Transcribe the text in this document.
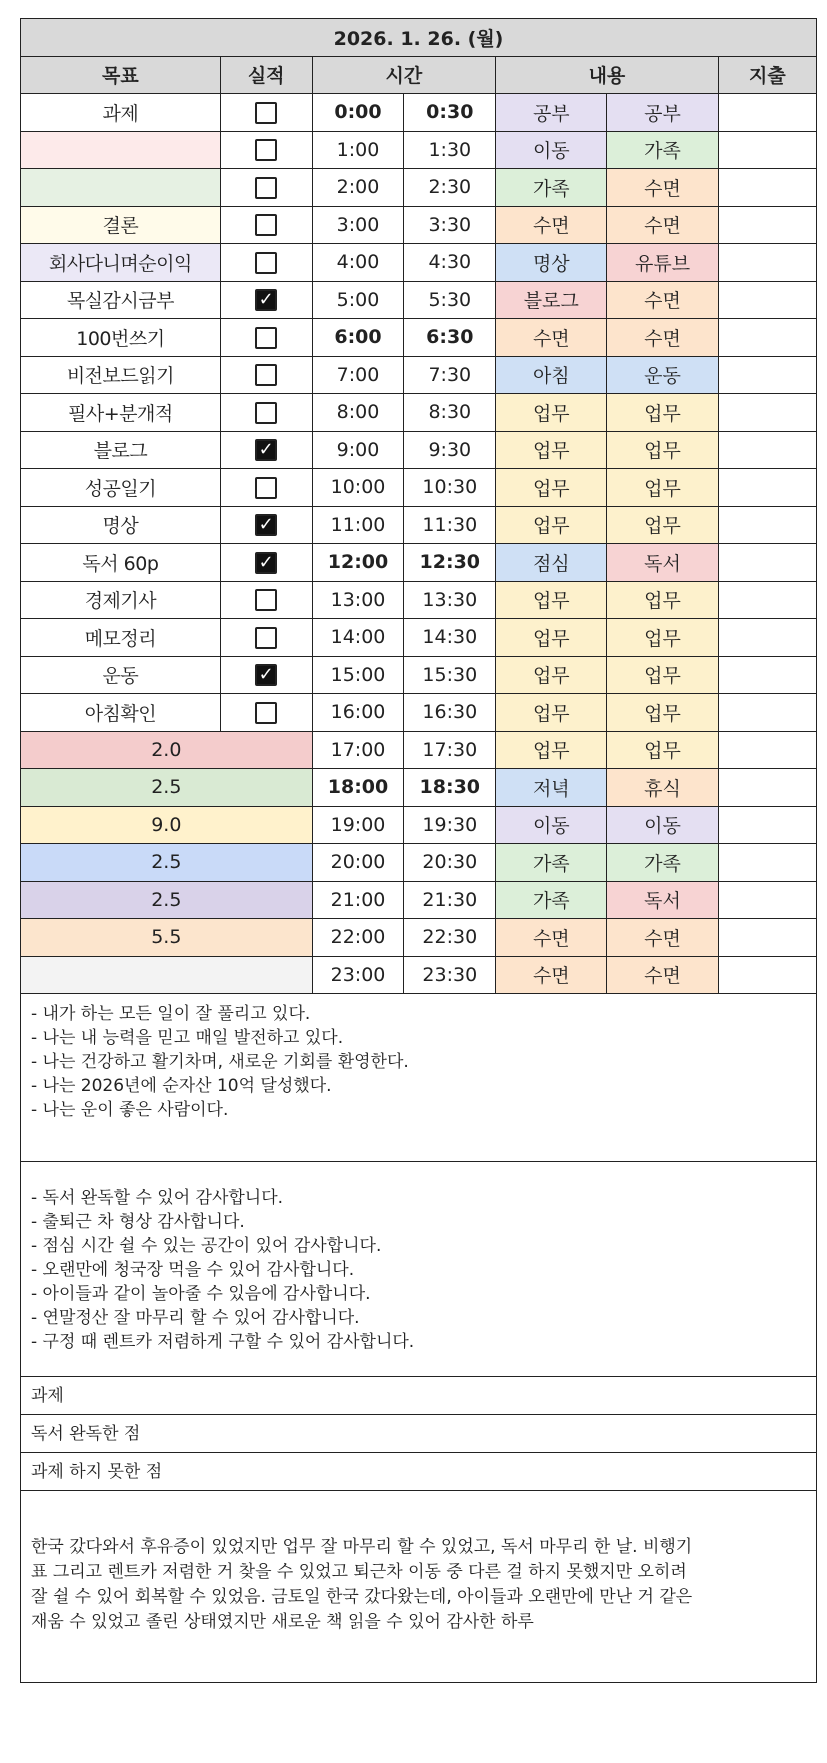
2026. 1. 26. (월)						
목표	실적	시간		내용		지출
과제		0:00	0:30	공부	공부	
		1:00	1:30	이동	가족	
		2:00	2:30	가족	수면	
결론		3:00	3:30	수면	수면	
회사다니며순이익		4:00	4:30	명상	유튜브	
목실감시금부	✓	5:00	5:30	블로그	수면	
100번쓰기		6:00	6:30	수면	수면	
비전보드읽기		7:00	7:30	아침	운동	
필사+분개적		8:00	8:30	업무	업무	
블로그	✓	9:00	9:30	업무	업무	
성공일기		10:00	10:30	업무	업무	
명상	✓	11:00	11:30	업무	업무	
독서 60p	✓	12:00	12:30	점심	독서	
경제기사		13:00	13:30	업무	업무	
메모정리		14:00	14:30	업무	업무	
운동	✓	15:00	15:30	업무	업무	
아침확인		16:00	16:30	업무	업무	
2.0		17:00	17:30	업무	업무	
2.5		18:00	18:30	저녁	휴식	
9.0		19:00	19:30	이동	이동	
2.5		20:00	20:30	가족	가족	
2.5		21:00	21:30	가족	독서	
5.5		22:00	22:30	수면	수면	
		23:00	23:30	수면	수면	
- 내가 하는 모든 일이 잘 풀리고 있다.
- 나는 내 능력을 믿고 매일 발전하고 있다.
- 나는 건강하고 활기차며, 새로운 기회를 환영한다.
- 나는 2026년에 순자산 10억 달성했다.
- 나는 운이 좋은 사람이다.
- 독서 완독할 수 있어 감사합니다.
- 출퇴근 차 형상 감사합니다.
- 점심 시간 쉴 수 있는 공간이 있어 감사합니다.
- 오랜만에 청국장 먹을 수 있어 감사합니다.
- 아이들과 같이 놀아줄 수 있음에 감사합니다.
- 연말정산 잘 마무리 할 수 있어 감사합니다.
- 구정 때 렌트카 저렴하게 구할 수 있어 감사합니다.
과제
독서 완독한 점
과제 하지 못한 점
한국 갔다와서 후유증이 있었지만 업무 잘 마무리 할 수 있었고, 독서 마무리 한 날. 비행기
표 그리고 렌트카 저렴한 거 찾을 수 있었고 퇴근차 이동 중 다른 걸 하지 못했지만 오히려
잘 쉴 수 있어 회복할 수 있었음. 금토일 한국 갔다왔는데, 아이들과 오랜만에 만난 거 같은
재움 수 있었고 졸린 상태였지만 새로운 책 읽을 수 있어 감사한 하루
